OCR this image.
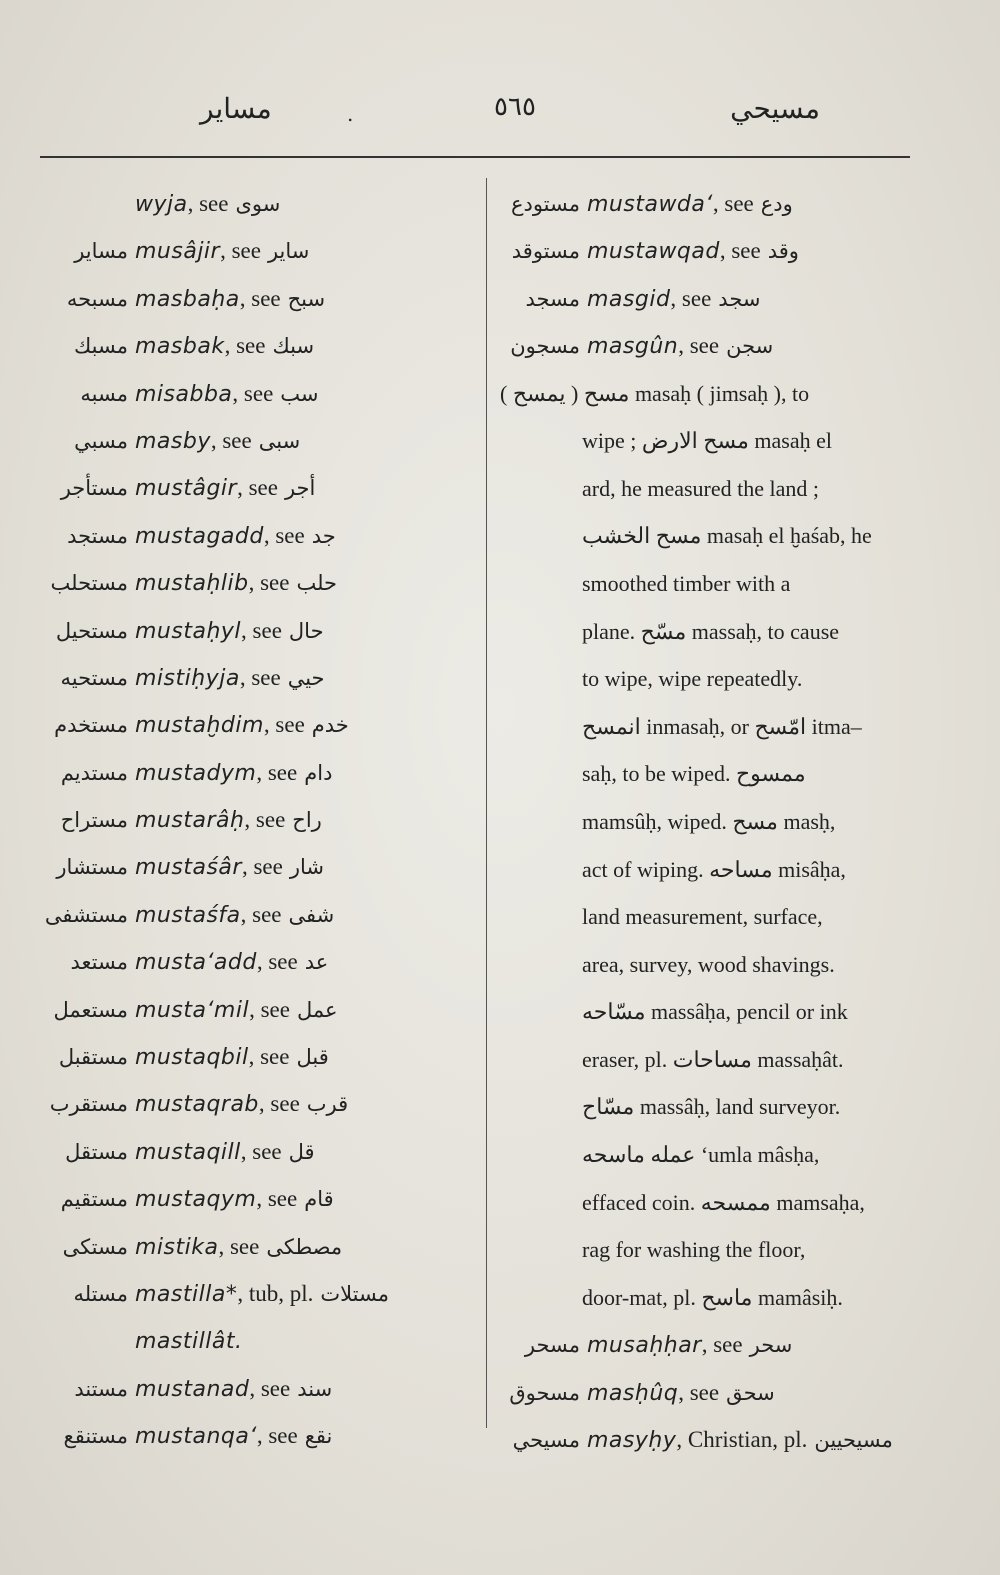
مساير	.	٥٦٥	مسيحي
wyja, see سوى
مساير musâjir, see ساير
مسبحه masbaḥa, see سبح
مسبك masbak, see سبك
مسبه misabba, see سب
مسبي masby, see سبى
مستأجر mustâgir, see أجر
مستجد mustagadd, see جد
مستحلب mustaḥlib, see حلب
مستحيل mustaḥyl, see حال
مستحيه mistiḥyja, see حيي
مستخدم mustaḫdim, see خدم
مستديم mustadym, see دام
مستراح mustarâḥ, see راح
مستشار mustaśâr, see شار
مستشفى mustaśfa, see شفى
مستعد musta‘add, see عد
مستعمل musta‘mil, see عمل
مستقبل mustaqbil, see قبل
مستقرب mustaqrab, see قرب
مستقل mustaqill, see قل
مستقيم mustaqym, see قام
مستكى mistika, see مصطكى
مستله mastilla*, tub, pl. مستلات
mastillât.
مستند mustanad, see سند
مستنقع mustanqa‘, see نقع
مستودع mustawda‘, see ودع
مستوقد mustawqad, see وقد
مسجد masgid, see سجد
مسجون masgûn, see سجن
مسح ( يمسح ) masaḥ ( jimsaḥ ), to
wipe ; مسح الارض masaḥ el
ard, he measured the land ;
مسح الخشب masaḥ el ḫaśab, he
smoothed timber with a
plane. مسّح massaḥ, to cause
to wipe, wipe repeatedly.
انمسح inmasaḥ, or امّسح itma–
saḥ, to be wiped. ممسوح
mamsûḥ, wiped. مسح masḥ,
act of wiping. مساحه misâḥa,
land measurement, surface,
area, survey, wood shavings.
مسّاحه massâḥa, pencil or ink
eraser, pl. مساحات massaḥât.
مسّاح massâḥ, land surveyor.
عمله ماسحه ‘umla mâsḥa,
effaced coin. ممسحه mamsaḥa,
rag for washing the floor,
door-mat, pl. ماسح mamâsiḥ.
مسحر musaḥḥar, see سحر
مسحوق masḥûq, see سحق
مسيحي masyḥy, Christian, pl. مسيحيين
